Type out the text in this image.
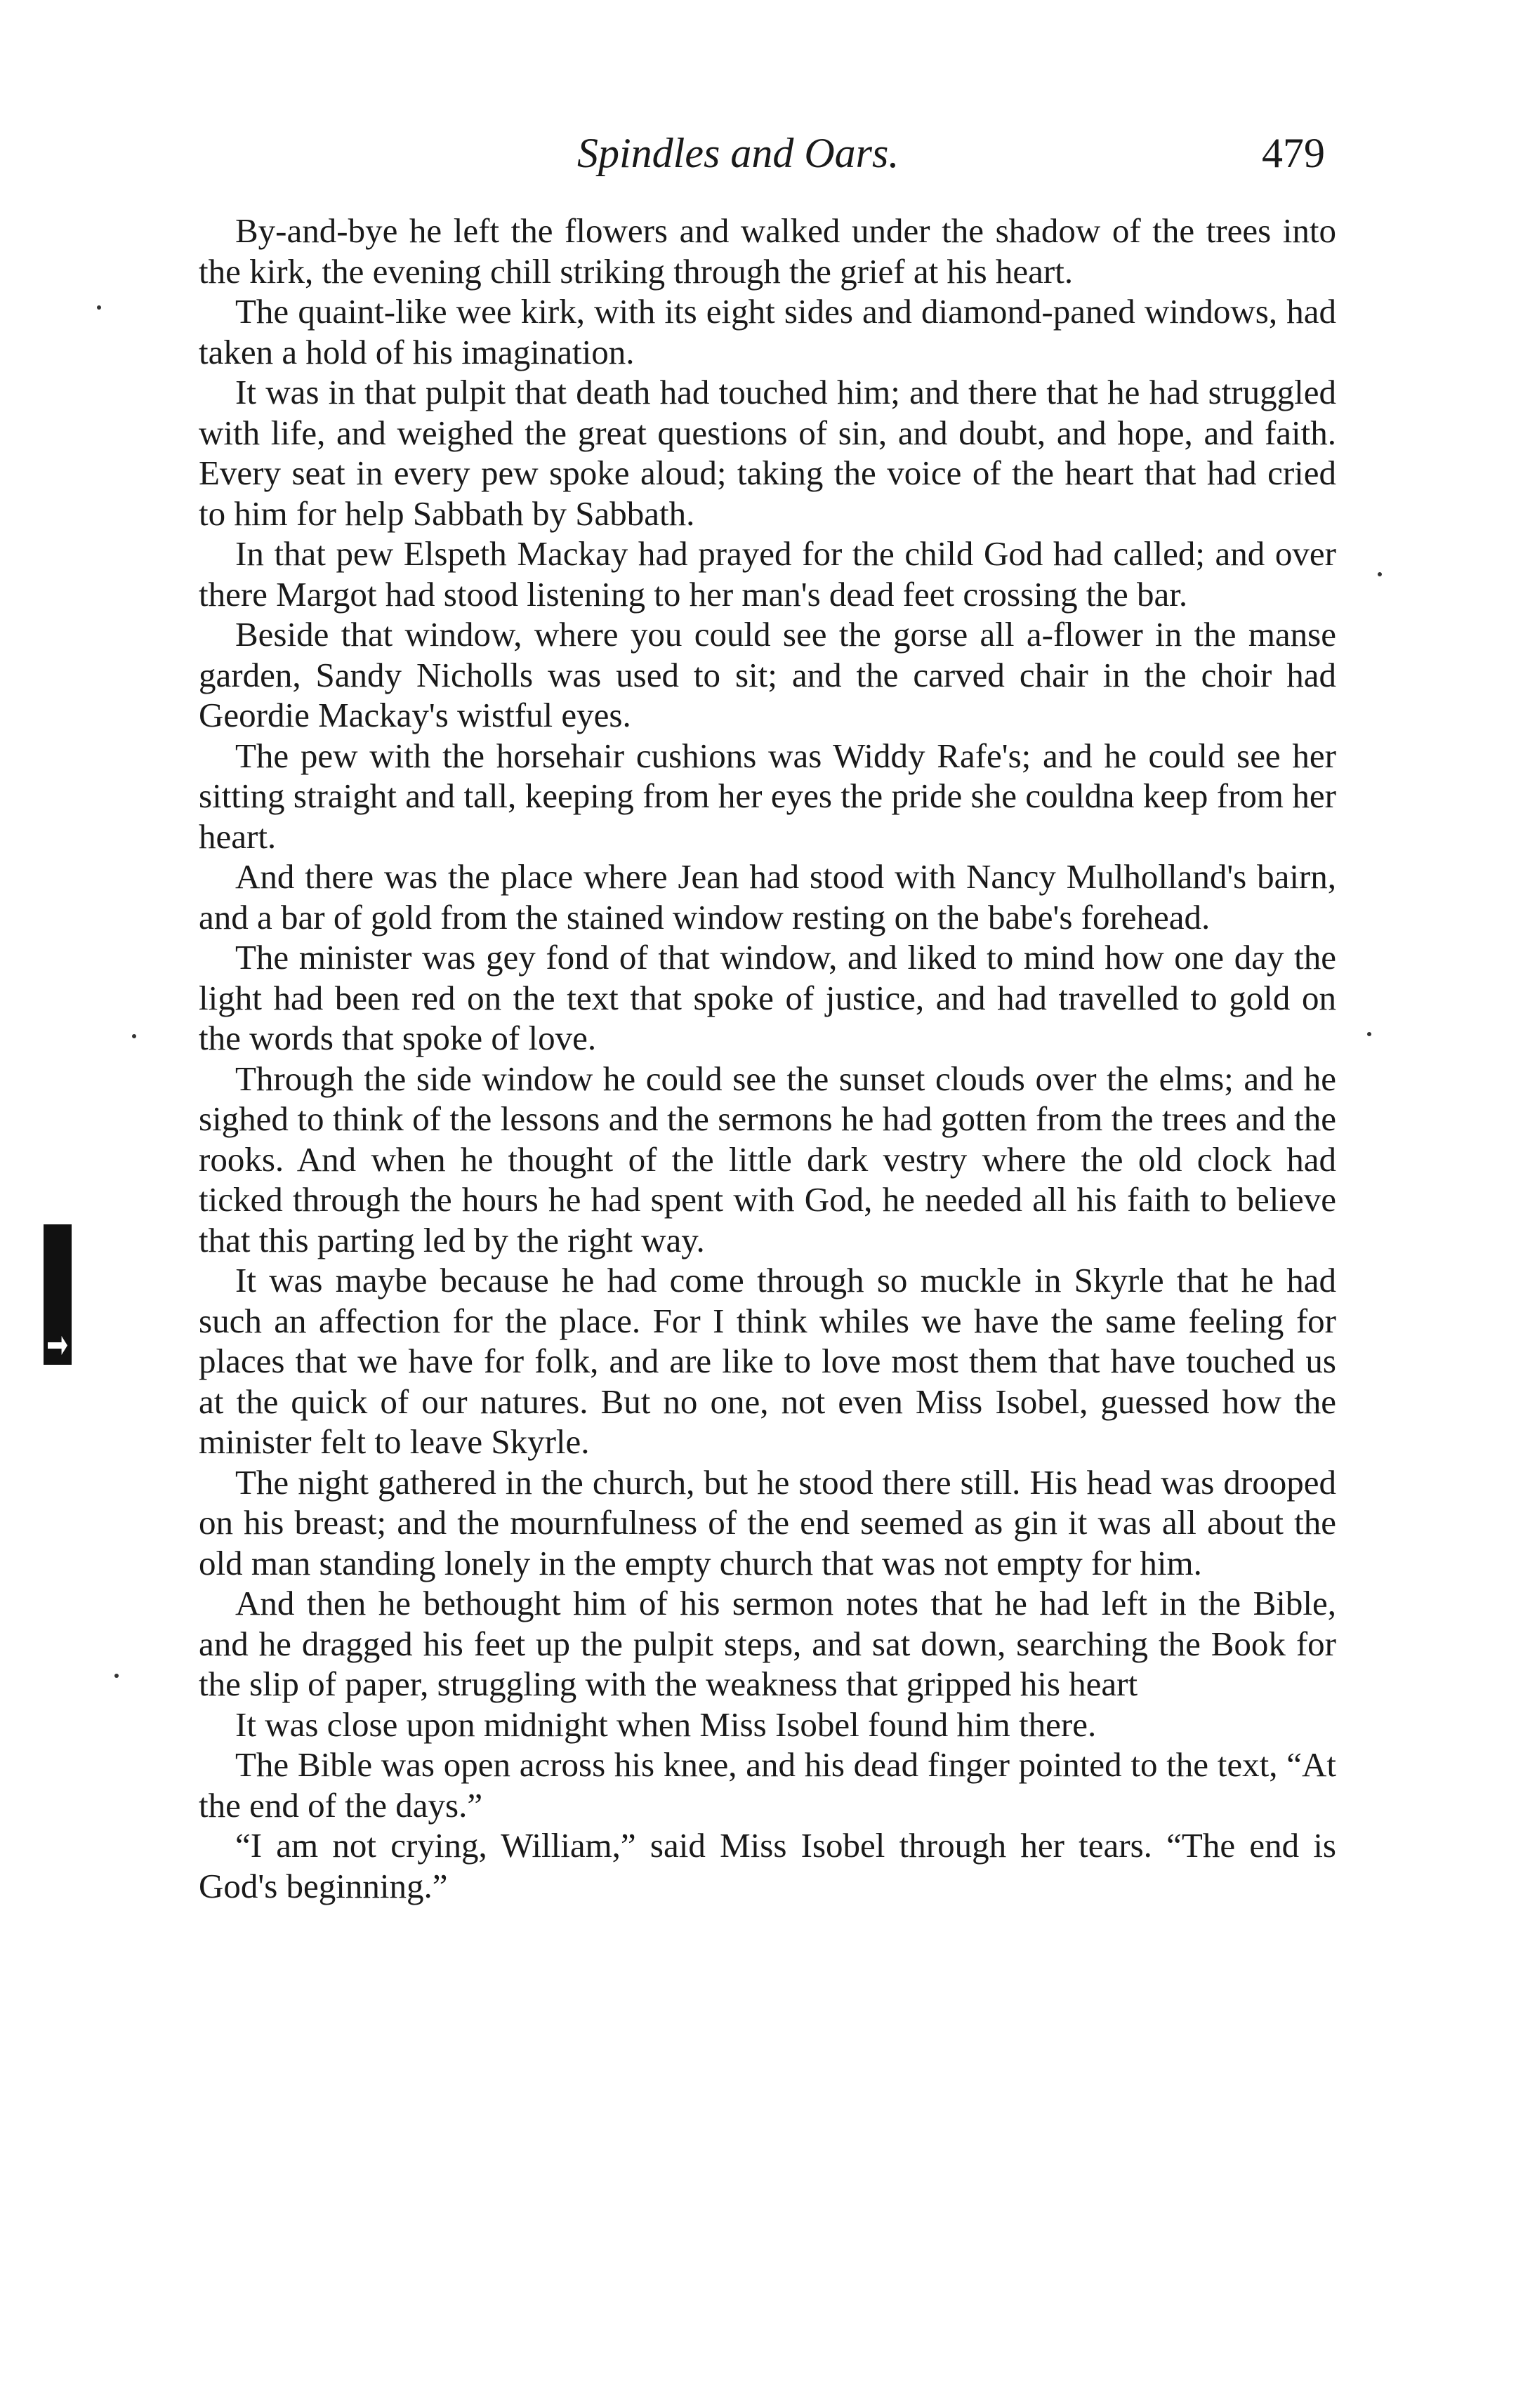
Spindles and Oars.	479

By-and-bye he left the flowers and walked under the shadow of the trees into the kirk, the evening chill striking through the grief at his heart.

The quaint-like wee kirk, with its eight sides and diamond-paned windows, had taken a hold of his imagination.

It was in that pulpit that death had touched him; and there that he had struggled with life, and weighed the great questions of sin, and doubt, and hope, and faith. Every seat in every pew spoke aloud; taking the voice of the heart that had cried to him for help Sabbath by Sabbath.

In that pew Elspeth Mackay had prayed for the child God had called; and over there Margot had stood listening to her man's dead feet crossing the bar.

Beside that window, where you could see the gorse all a-flower in the manse garden, Sandy Nicholls was used to sit; and the carved chair in the choir had Geordie Mackay's wistful eyes.

The pew with the horsehair cushions was Widdy Rafe's; and he could see her sitting straight and tall, keeping from her eyes the pride she couldna keep from her heart.

And there was the place where Jean had stood with Nancy Mulholland's bairn, and a bar of gold from the stained window resting on the babe's forehead.

The minister was gey fond of that window, and liked to mind how one day the light had been red on the text that spoke of justice, and had travelled to gold on the words that spoke of love.

Through the side window he could see the sunset clouds over the elms; and he sighed to think of the lessons and the sermons he had gotten from the trees and the rooks. And when he thought of the little dark vestry where the old clock had ticked through the hours he had spent with God, he needed all his faith to believe that this parting led by the right way.

It was maybe because he had come through so muckle in Skyrle that he had such an affection for the place. For I think whiles we have the same feeling for places that we have for folk, and are like to love most them that have touched us at the quick of our natures. But no one, not even Miss Isobel, guessed how the minister felt to leave Skyrle.

The night gathered in the church, but he stood there still. His head was drooped on his breast; and the mournfulness of the end seemed as gin it was all about the old man standing lonely in the empty church that was not empty for him.

And then he bethought him of his sermon notes that he had left in the Bible, and he dragged his feet up the pulpit steps, and sat down, searching the Book for the slip of paper, struggling with the weakness that gripped his heart

It was close upon midnight when Miss Isobel found him there.

The Bible was open across his knee, and his dead finger pointed to the text, “At the end of the days.”

“I am not crying, William,” said Miss Isobel through her tears. “The end is God's beginning.”
